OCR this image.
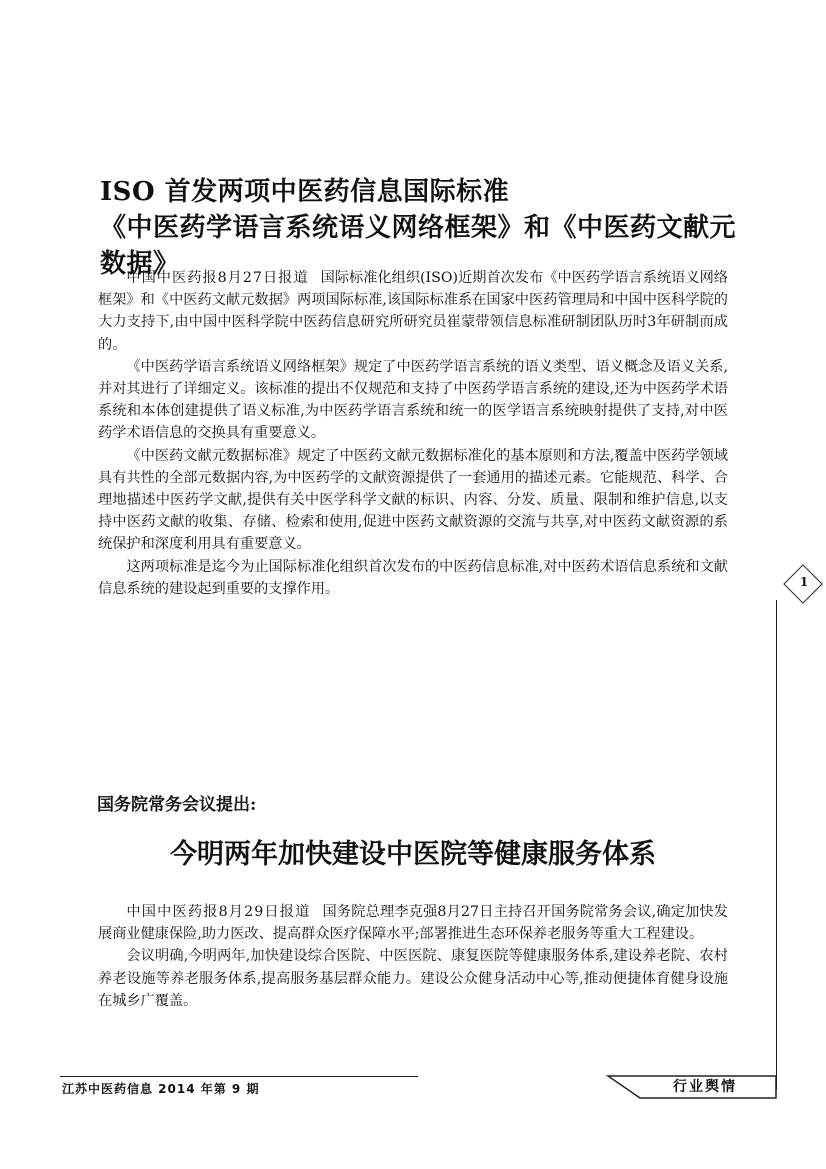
ISO 首发两项中医药信息国际标准
《中医药学语言系统语义网络框架》和《中医药文献元数据》

中国中医药报8月27日报道 国际标准化组织(ISO)近期首次发布《中医药学语言系统语义网络框架》和《中医药文献元数据》两项国际标准,该国际标准系在国家中医药管理局和中国中医科学院的大力支持下,由中国中医科学院中医药信息研究所研究员崔蒙带领信息标准研制团队历时3年研制而成的。

《中医药学语言系统语义网络框架》规定了中医药学语言系统的语义类型、语义概念及语义关系,并对其进行了详细定义。该标准的提出不仅规范和支持了中医药学语言系统的建设,还为中医药学术语系统和本体创建提供了语义标准,为中医药学语言系统和统一的医学语言系统映射提供了支持,对中医药学术语信息的交换具有重要意义。

《中医药文献元数据标准》规定了中医药文献元数据标准化的基本原则和方法,覆盖中医药学领域具有共性的全部元数据内容,为中医药学的文献资源提供了一套通用的描述元素。它能规范、科学、合理地描述中医药学文献,提供有关中医学科学文献的标识、内容、分发、质量、限制和维护信息,以支持中医药文献的收集、存储、检索和使用,促进中医药文献资源的交流与共享,对中医药文献资源的系统保护和深度利用具有重要意义。

这两项标准是迄今为止国际标准化组织首次发布的中医药信息标准,对中医药术语信息系统和文献信息系统的建设起到重要的支撑作用。

国务院常务会议提出:
今明两年加快建设中医院等健康服务体系

中国中医药报8月29日报道 国务院总理李克强8月27日主持召开国务院常务会议,确定加快发展商业健康保险,助力医改、提高群众医疗保障水平;部署推进生态环保养老服务等重大工程建设。

会议明确,今明两年,加快建设综合医院、中医医院、康复医院等健康服务体系,建设养老院、农村养老设施等养老服务体系,提高服务基层群众能力。建设公众健身活动中心等,推动便捷体育健身设施在城乡广覆盖。

1
江苏中医药信息 2014 年第 9 期	行业舆情
